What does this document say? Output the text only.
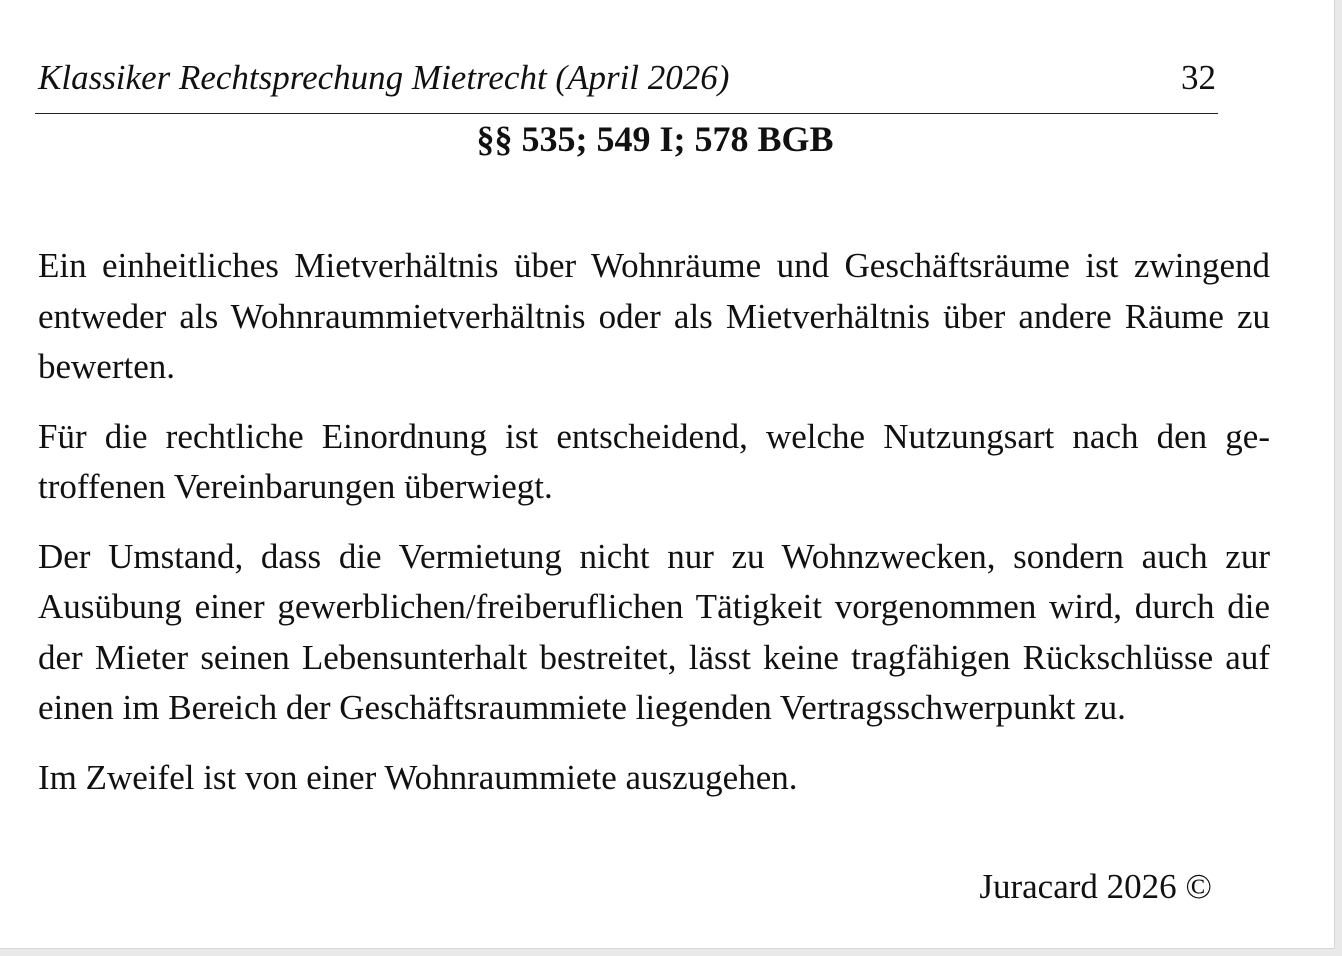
Klassiker Rechtsprechung Mietrecht (April 2026)	32
§§ 535; 549 I; 578 BGB

Ein einheitliches Mietverhältnis über Wohnräume und Geschäftsräume ist zwingend entweder als Wohnraummietverhältnis oder als Mietverhältnis über andere Räume zu bewerten.

Für die rechtliche Einordnung ist entscheidend, welche Nutzungsart nach den getroffenen Vereinbarungen überwiegt.

Der Umstand, dass die Vermietung nicht nur zu Wohnzwecken, sondern auch zur Ausübung einer gewerblichen/freiberuflichen Tätigkeit vorgenommen wird, durch die der Mieter seinen Lebensunterhalt bestreitet, lässt keine tragfähigen Rückschlüsse auf einen im Bereich der Geschäftsraummiete liegenden Vertragsschwerpunkt zu.

Im Zweifel ist von einer Wohnraummiete auszugehen.

Juracard 2026 ©
